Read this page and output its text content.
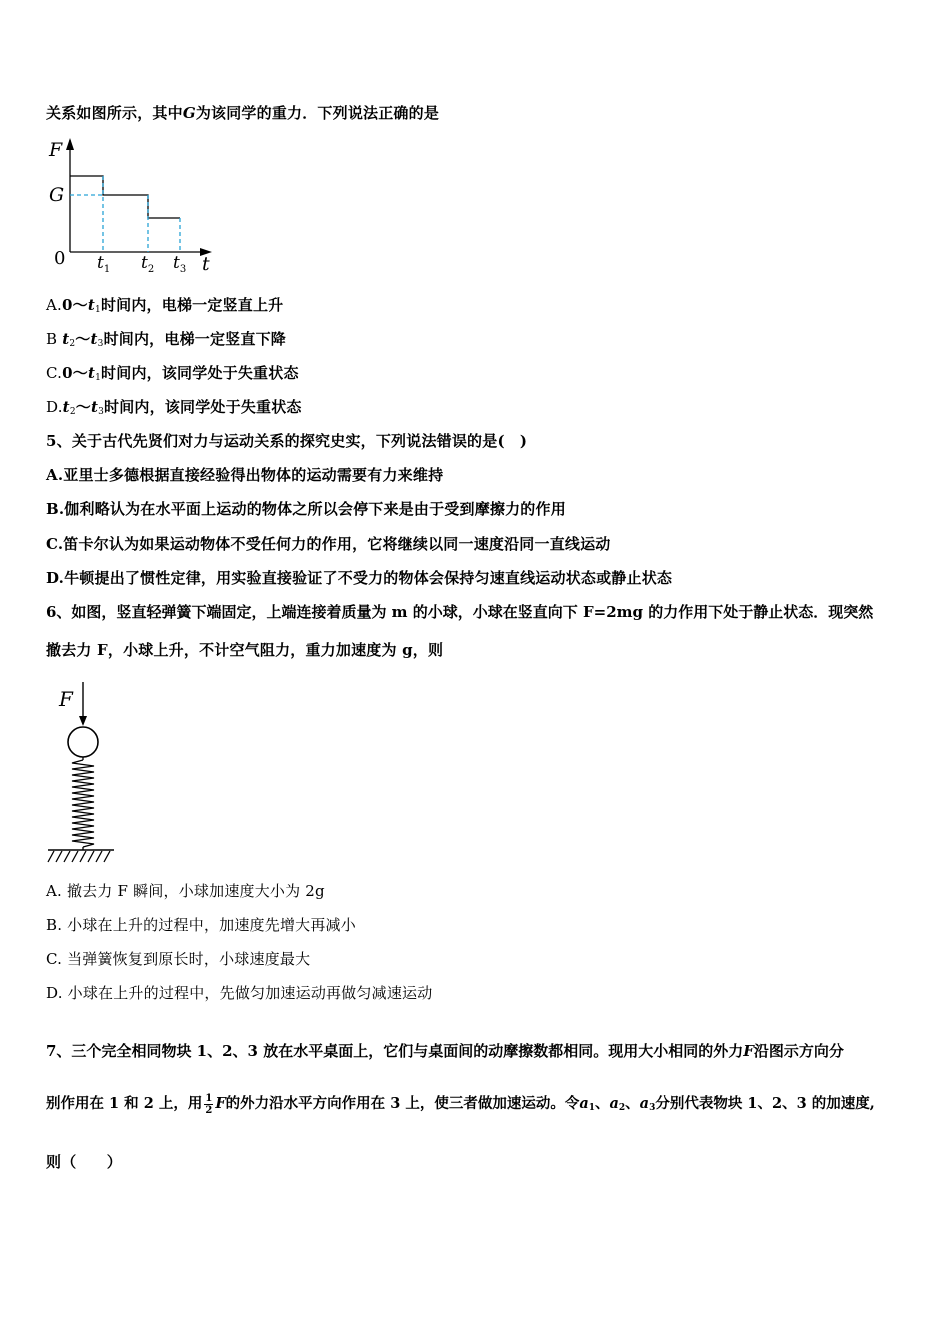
关系如图所示，其中G为该同学的重力．下列说法正确的是
F
G
0	t
$t_1$ $t_2$ $t_3$
$A.0\sim t_1$时间内，电梯一定竖直上升
B $t_2\sim t_3$时间内，电梯一定竖直下降
$C.0\sim t_1$时间内，该同学处于失重状态
$D.t_2\sim t_3$时间内，该同学处于失重状态
5、关于古代先贤们对力与运动关系的探究史实，下列说法错误的是(　)
A.亚里士多德根据直接经验得出物体的运动需要有力来维持
B.伽利略认为在水平面上运动的物体之所以会停下来是由于受到摩擦力的作用
C.笛卡尔认为如果运动物体不受任何力的作用，它将继续以同一速度沿同一直线运动
D.牛顿提出了惯性定律，用实验直接验证了不受力的物体会保持匀速直线运动状态或静止状态
6、如图，竖直轻弹簧下端固定，上端连接着质量为 m 的小球，小球在竖直向下 F=2mg 的力作用下处于静止状态．现突然
撤去力 F，小球上升，不计空气阻力，重力加速度为 g，则
F
A. 撤去力 F 瞬间，小球加速度大小为 2g
B. 小球在上升的过程中，加速度先增大再减小
C. 当弹簧恢复到原长时，小球速度最大
D. 小球在上升的过程中，先做匀加速运动再做匀减速运动
7、三个完全相同物块 1、2、3 放在水平桌面上，它们与桌面间的动摩擦数都相同。现用大小相同的外力F沿图示方向分
别作用在 1 和 2 上，用 $\frac{1}{2}$ F的外力沿水平方向作用在 3 上，使三者做加速运动。令$a_1$、$a_2$、$a_3$分别代表物块 1、2、3 的加速度,
则（　　）
